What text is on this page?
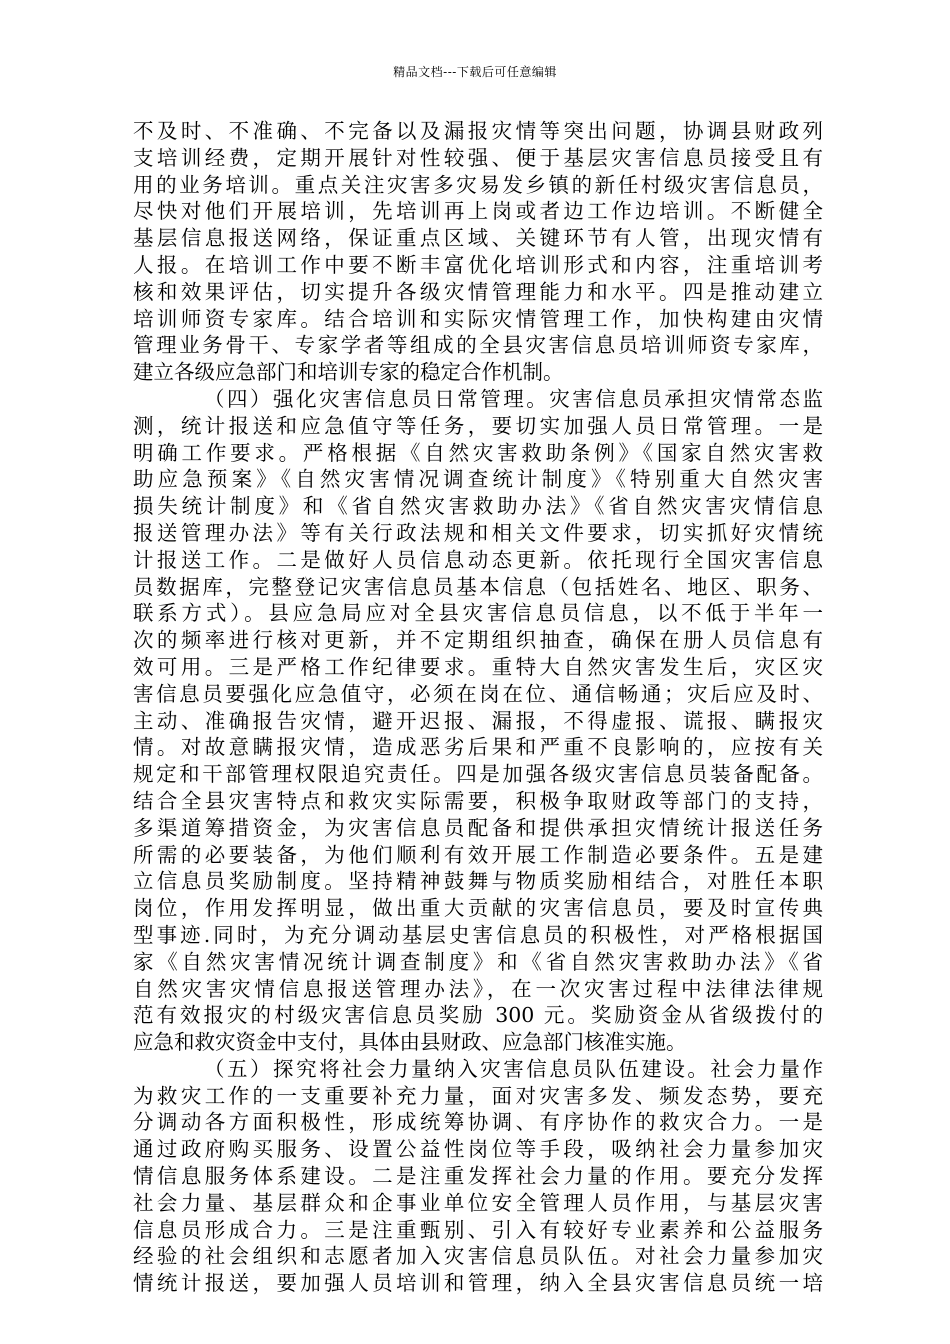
精品文档---下载后可任意编辑
不及时、不准确、不完备以及漏报灾情等突出问题，协调县财政列
支培训经费，定期开展针对性较强、便于基层灾害信息员接受且有
用的业务培训。重点关注灾害多灾易发乡镇的新任村级灾害信息员，
尽快对他们开展培训，先培训再上岗或者边工作边培训。不断健全
基层信息报送网络，保证重点区域、关键环节有人管，出现灾情有
人报。在培训工作中要不断丰富优化培训形式和内容，注重培训考
核和效果评估，切实提升各级灾情管理能力和水平。四是推动建立
培训师资专家库。结合培训和实际灾情管理工作，加快构建由灾情
管理业务骨干、专家学者等组成的全县灾害信息员培训师资专家库，
建立各级应急部门和培训专家的稳定合作机制。
（四）强化灾害信息员日常管理。灾害信息员承担灾情常态监
测，统计报送和应急值守等任务，要切实加强人员日常管理。一是
明确工作要求。严格根据《自然灾害救助条例》《国家自然灾害救
助应急预案》《自然灾害情况调查统计制度》《特别重大自然灾害
损失统计制度》和《省自然灾害救助办法》《省自然灾害灾情信息
报送管理办法》等有关行政法规和相关文件要求，切实抓好灾情统
计报送工作。二是做好人员信息动态更新。依托现行全国灾害信息
员数据库，完整登记灾害信息员基本信息（包括姓名、地区、职务、
联系方式）。县应急局应对全县灾害信息员信息，以不低于半年一
次的频率进行核对更新，并不定期组织抽查，确保在册人员信息有
效可用。三是严格工作纪律要求。重特大自然灾害发生后，灾区灾
害信息员要强化应急值守，必须在岗在位、通信畅通；灾后应及时、
主动、准确报告灾情，避开迟报、漏报，不得虚报、谎报、瞒报灾
情。对故意瞒报灾情，造成恶劣后果和严重不良影响的，应按有关
规定和干部管理权限追究责任。四是加强各级灾害信息员装备配备。
结合全县灾害特点和救灾实际需要，积极争取财政等部门的支持，
多渠道筹措资金，为灾害信息员配备和提供承担灾情统计报送任务
所需的必要装备，为他们顺利有效开展工作制造必要条件。五是建
立信息员奖励制度。坚持精神鼓舞与物质奖励相结合，对胜任本职
岗位，作用发挥明显，做出重大贡献的灾害信息员，要及时宣传典
型事迹.同时，为充分调动基层史害信息员的积极性，对严格根据国
家《自然灾害情况统计调查制度》和《省自然灾害救助办法》《省
自然灾害灾情信息报送管理办法》，在一次灾害过程中法律法律规
范有效报灾的村级灾害信息员奖励 300 元。奖励资金从省级拨付的
应急和救灾资金中支付，具体由县财政、应急部门核准实施。
（五）探究将社会力量纳入灾害信息员队伍建设。社会力量作
为救灾工作的一支重要补充力量，面对灾害多发、频发态势，要充
分调动各方面积极性，形成统筹协调、有序协作的救灾合力。一是
通过政府购买服务、设置公益性岗位等手段，吸纳社会力量参加灾
情信息服务体系建设。二是注重发挥社会力量的作用。要充分发挥
社会力量、基层群众和企事业单位安全管理人员作用，与基层灾害
信息员形成合力。三是注重甄别、引入有较好专业素养和公益服务
经验的社会组织和志愿者加入灾害信息员队伍。对社会力量参加灾
情统计报送，要加强人员培训和管理，纳入全县灾害信息员统一培
